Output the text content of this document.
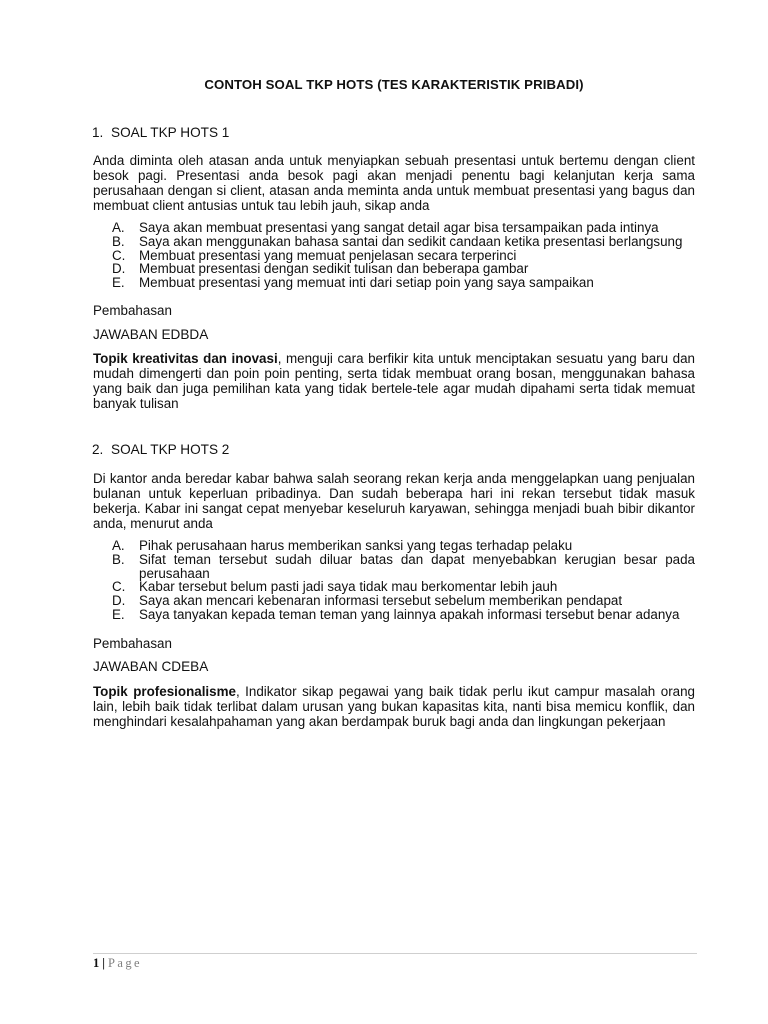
CONTOH SOAL TKP HOTS (TES KARAKTERISTIK PRIBADI)
1. SOAL TKP HOTS 1
Anda diminta oleh atasan anda untuk menyiapkan sebuah presentasi untuk bertemu dengan client besok pagi. Presentasi anda besok pagi akan menjadi penentu bagi kelanjutan kerja sama perusahaan dengan si client, atasan anda meminta anda untuk membuat presentasi yang bagus dan membuat client antusias untuk tau lebih jauh, sikap anda
A. Saya akan membuat presentasi yang sangat detail agar bisa tersampaikan pada intinya
B. Saya akan menggunakan bahasa santai dan sedikit candaan ketika presentasi berlangsung
C. Membuat presentasi yang memuat penjelasan secara terperinci
D. Membuat presentasi dengan sedikit tulisan dan beberapa gambar
E. Membuat presentasi yang memuat inti dari setiap poin yang saya sampaikan
Pembahasan
JAWABAN EDBDA
Topik kreativitas dan inovasi, menguji cara berfikir kita untuk menciptakan sesuatu yang baru dan mudah dimengerti dan poin poin penting, serta tidak membuat orang bosan, menggunakan bahasa yang baik dan juga pemilihan kata yang tidak bertele-tele agar mudah dipahami serta tidak memuat banyak tulisan
2. SOAL TKP HOTS 2
Di kantor anda beredar kabar bahwa salah seorang rekan kerja anda menggelapkan uang penjualan bulanan untuk keperluan pribadinya. Dan sudah beberapa hari ini rekan tersebut tidak masuk bekerja. Kabar ini sangat cepat menyebar keseluruh karyawan, sehingga menjadi buah bibir dikantor anda, menurut anda
A. Pihak perusahaan harus memberikan sanksi yang tegas terhadap pelaku
B. Sifat teman tersebut sudah diluar batas dan dapat menyebabkan kerugian besar pada perusahaan
C. Kabar tersebut belum pasti jadi saya tidak mau berkomentar lebih jauh
D. Saya akan mencari kebenaran informasi tersebut sebelum memberikan pendapat
E. Saya tanyakan kepada teman teman yang lainnya apakah informasi tersebut benar adanya
Pembahasan
JAWABAN CDEBA
Topik profesionalisme, Indikator sikap pegawai yang baik tidak perlu ikut campur masalah orang lain, lebih baik tidak terlibat dalam urusan yang bukan kapasitas kita, nanti bisa memicu konflik, dan menghindari kesalahpahaman yang akan berdampak buruk bagi anda dan lingkungan pekerjaan
1 | Page
